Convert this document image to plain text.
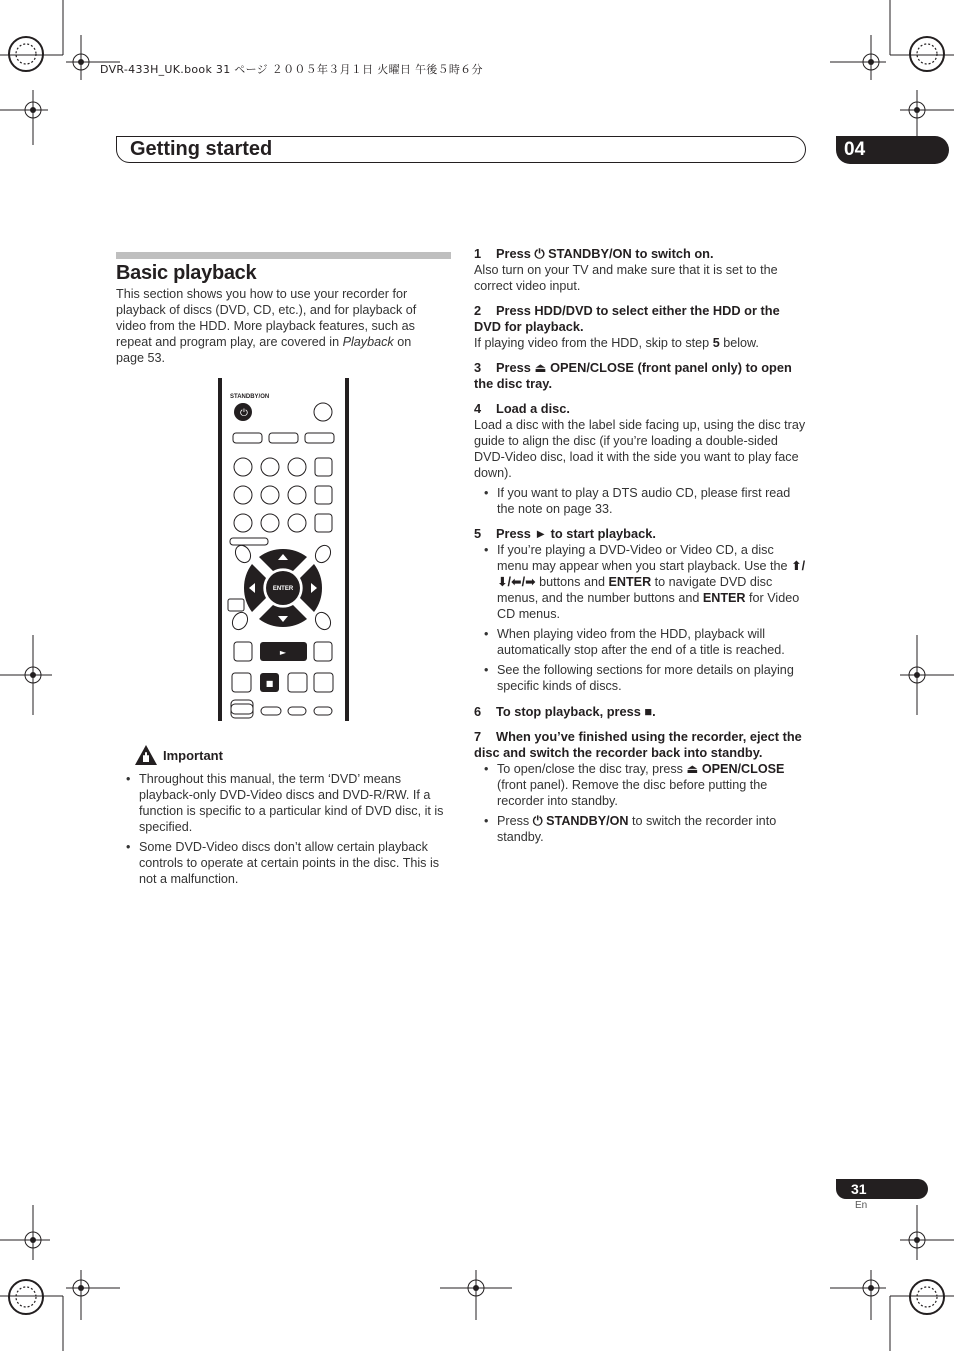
DVR-433H_UK.book 31 ページ ２００５年３月１日 火曜日 午後５時６分
Getting started	04
Basic playback
This section shows you how to use your recorder for playback of discs (DVD, CD, etc.), and for playback of video from the HDD. More playback features, such as repeat and program play, are covered in Playback on page 53.
⏻
STANDBY/ON
ENTER
►
■
Important
• Throughout this manual, the term ‘DVD’ means playback-only DVD-Video discs and DVD-R/RW. If a function is specific to a particular kind of DVD disc, it is specified.
• Some DVD-Video discs don’t allow certain playback controls to operate at certain points in the disc. This is not a malfunction.
1 Press ⏻ STANDBY/ON to switch on.
Also turn on your TV and make sure that it is set to the correct video input.
2 Press HDD/DVD to select either the HDD or the DVD for playback.
If playing video from the HDD, skip to step 5 below.
3 Press ⏏ OPEN/CLOSE (front panel only) to open the disc tray.
4 Load a disc.
Load a disc with the label side facing up, using the disc tray guide to align the disc (if you’re loading a double-sided DVD-Video disc, load it with the side you want to play face down).
• If you want to play a DTS audio CD, please first read the note on page 33.
5 Press ► to start playback.
• If you’re playing a DVD-Video or Video CD, a disc menu may appear when you start playback. Use the ⬆/⬇/⬅/➡ buttons and ENTER to navigate DVD disc menus, and the number buttons and ENTER for Video CD menus.
• When playing video from the HDD, playback will automatically stop after the end of a title is reached.
• See the following sections for more details on playing specific kinds of discs.
6 To stop playback, press ■.
7 When you’ve finished using the recorder, eject the disc and switch the recorder back into standby.
• To open/close the disc tray, press ⏏ OPEN/CLOSE (front panel). Remove the disc before putting the recorder into standby.
• Press ⏻ STANDBY/ON to switch the recorder into standby.
31
En
